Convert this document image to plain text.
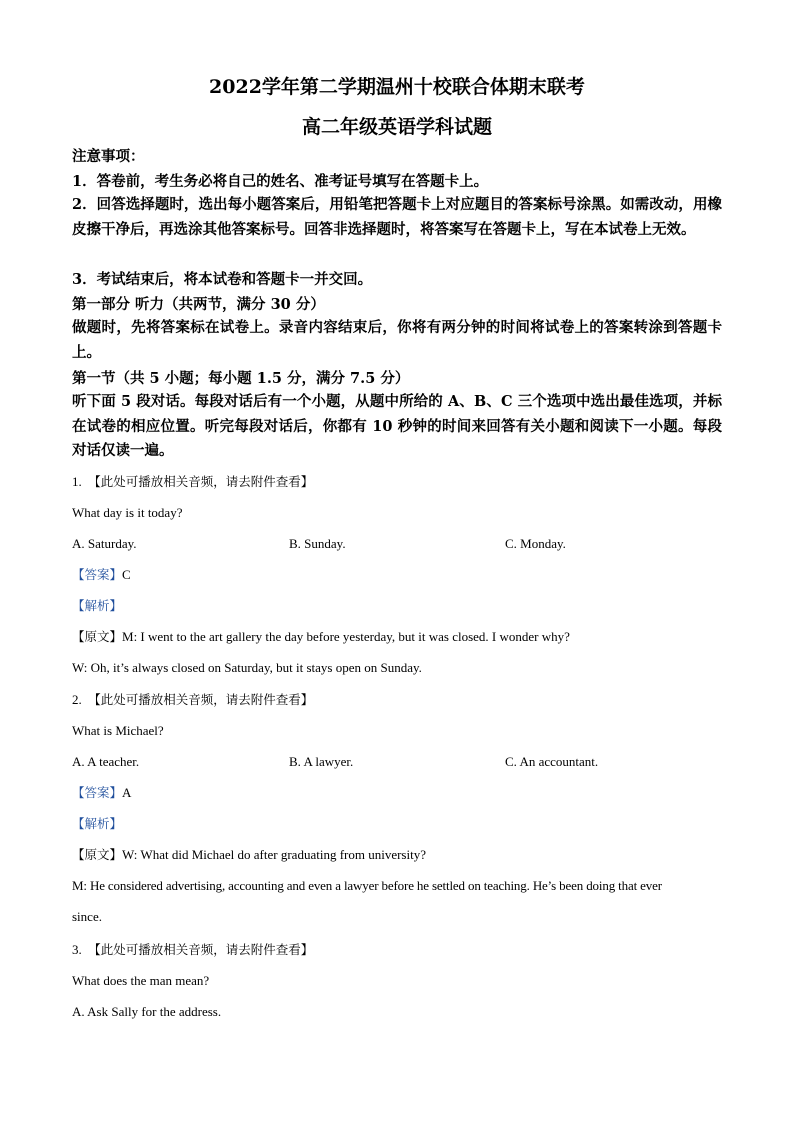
2022学年第二学期温州十校联合体期末联考
高二年级英语学科试题
注意事项：
1．答卷前，考生务必将自己的姓名、准考证号填写在答题卡上。
2．回答选择题时，选出每小题答案后，用铅笔把答题卡上对应题目的答案标号涂黑。如需改动，用橡皮擦干净后，再选涂其他答案标号。回答非选择题时，将答案写在答题卡上，写在本试卷上无效。
3．考试结束后，将本试卷和答题卡一并交回。
第一部分 听力（共两节，满分 30 分）
做题时，先将答案标在试卷上。录音内容结束后，你将有两分钟的时间将试卷上的答案转涂到答题卡上。
第一节（共 5 小题；每小题 1.5 分，满分 7.5 分）
听下面 5 段对话。每段对话后有一个小题，从题中所给的 A、B、C 三个选项中选出最佳选项，并标在试卷的相应位置。听完每段对话后，你都有 10 秒钟的时间来回答有关小题和阅读下一小题。每段对话仅读一遍。
1. 【此处可播放相关音频，请去附件查看】
What day is it today?
A. Saturday.	B. Sunday.	C. Monday.
【答案】C
【解析】
【原文】M: I went to the art gallery the day before yesterday, but it was closed. I wonder why?
W: Oh, it’s always closed on Saturday, but it stays open on Sunday.
2. 【此处可播放相关音频，请去附件查看】
What is Michael?
A. A teacher.	B. A lawyer.	C. An accountant.
【答案】A
【解析】
【原文】W: What did Michael do after graduating from university?
M: He considered advertising, accounting and even a lawyer before he settled on teaching. He’s been doing that ever
since.
3. 【此处可播放相关音频，请去附件查看】
What does the man mean?
A. Ask Sally for the address.
